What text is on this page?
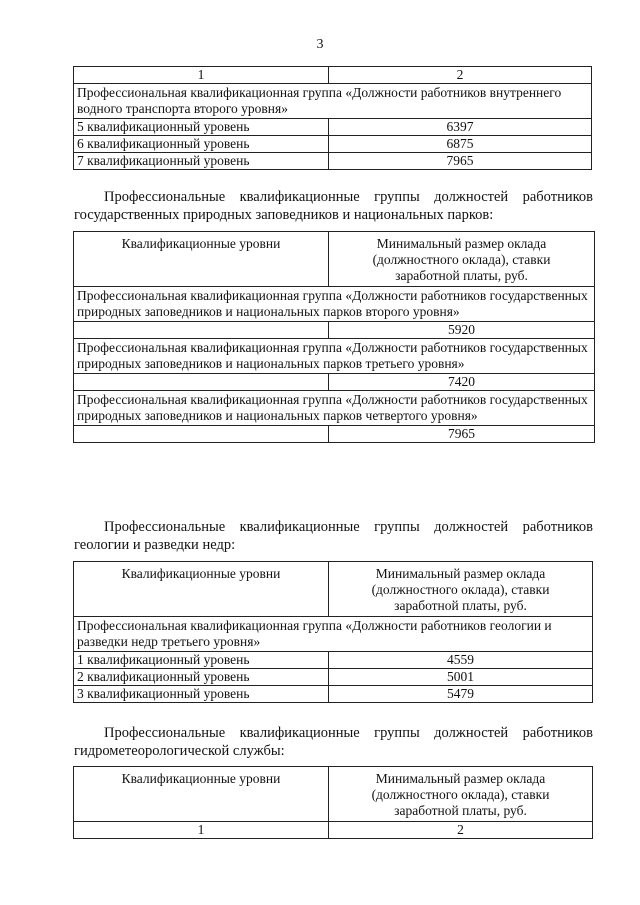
3
1	2
Профессиональная квалификационная группа «Должности работников внутреннего водного транспорта второго уровня»	
5 квалификационный уровень	6397
6 квалификационный уровень	6875
7 квалификационный уровень	7965
Профессиональные квалификационные группы должностей работников государственных природных заповедников и национальных парков:
Квалификационные уровни	Минимальный размер оклада (должностного оклада), ставки заработной платы, руб.
Профессиональная квалификационная группа «Должности работников государственных природных заповедников и национальных парков второго уровня»	
	5920
Профессиональная квалификационная группа «Должности работников государственных природных заповедников и национальных парков третьего уровня»	
	7420
Профессиональная квалификационная группа «Должности работников государственных природных заповедников и национальных парков четвертого уровня»	
	7965
Профессиональные квалификационные группы должностей работников геологии и разведки недр:
Квалификационные уровни	Минимальный размер оклада (должностного оклада), ставки заработной платы, руб.
Профессиональная квалификационная группа «Должности работников геологии и разведки недр третьего уровня»	
1 квалификационный уровень	4559
2 квалификационный уровень	5001
3 квалификационный уровень	5479
Профессиональные квалификационные группы должностей работников гидрометеорологической службы:
Квалификационные уровни	Минимальный размер оклада (должностного оклада), ставки заработной платы, руб.
1	2
